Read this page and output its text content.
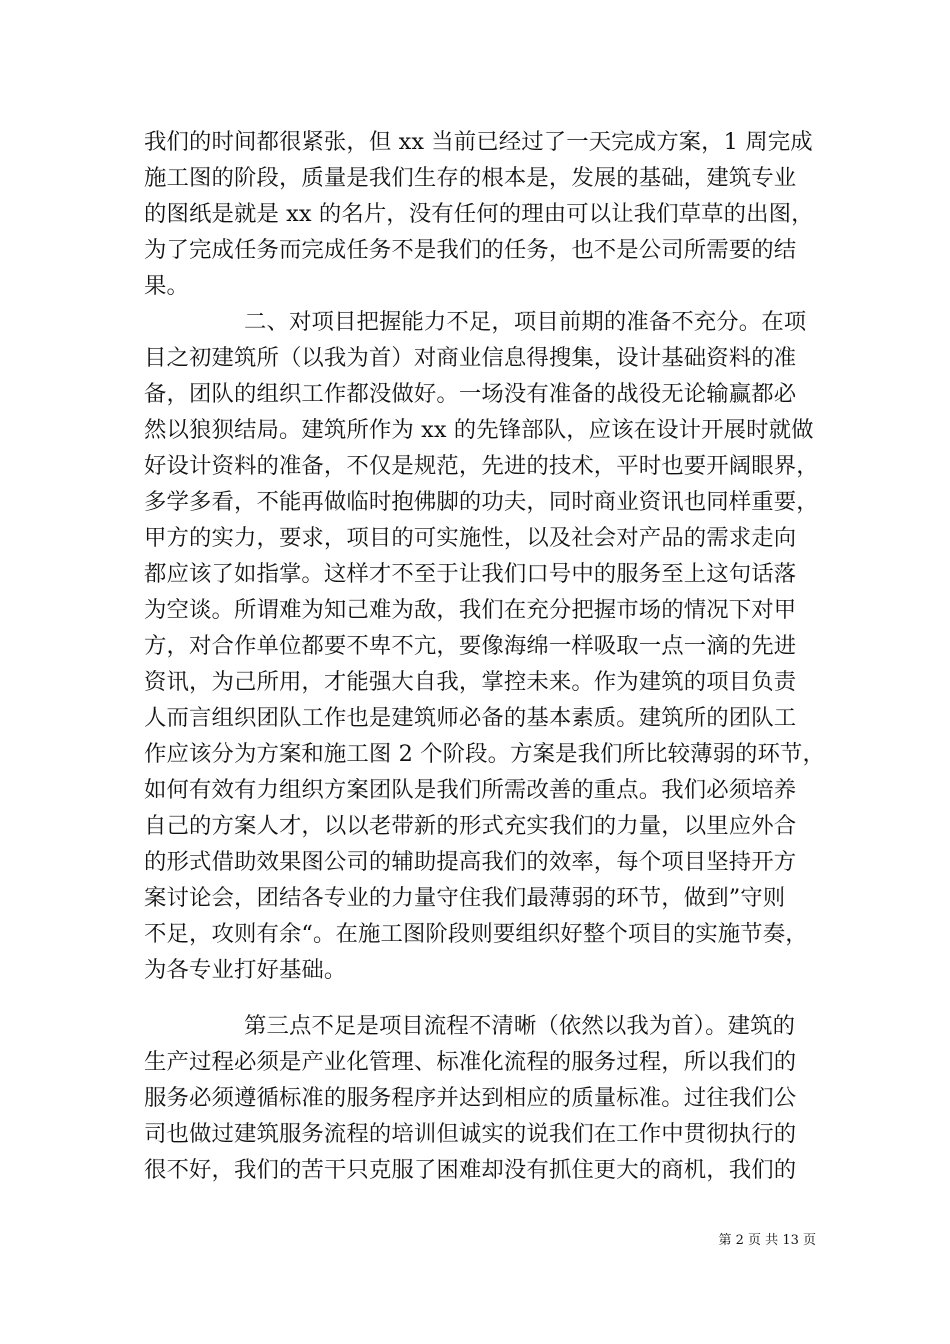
我们的时间都很紧张，但 xx 当前已经过了一天完成方案，1 周完成
施工图的阶段，质量是我们生存的根本是，发展的基础，建筑专业
的图纸是就是 xx 的名片，没有任何的理由可以让我们草草的出图，
为了完成任务而完成任务不是我们的任务，也不是公司所需要的结
果。
二、对项目把握能力不足，项目前期的准备不充分。在项
目之初建筑所（以我为首）对商业信息得搜集，设计基础资料的准
备，团队的组织工作都没做好。一场没有准备的战役无论输赢都必
然以狼狈结局。建筑所作为 xx 的先锋部队，应该在设计开展时就做
好设计资料的准备，不仅是规范，先进的技术，平时也要开阔眼界，
多学多看，不能再做临时抱佛脚的功夫，同时商业资讯也同样重要，
甲方的实力，要求，项目的可实施性，以及社会对产品的需求走向
都应该了如指掌。这样才不至于让我们口号中的服务至上这句话落
为空谈。所谓难为知己难为敌，我们在充分把握市场的情况下对甲
方，对合作单位都要不卑不亢，要像海绵一样吸取一点一滴的先进
资讯，为己所用，才能强大自我，掌控未来。作为建筑的项目负责
人而言组织团队工作也是建筑师必备的基本素质。建筑所的团队工
作应该分为方案和施工图 2 个阶段。方案是我们所比较薄弱的环节，
如何有效有力组织方案团队是我们所需改善的重点。我们必须培养
自己的方案人才，以以老带新的形式充实我们的力量，以里应外合
的形式借助效果图公司的辅助提高我们的效率，每个项目坚持开方
案讨论会，团结各专业的力量守住我们最薄弱的环节，做到”守则
不足，攻则有余“。在施工图阶段则要组织好整个项目的实施节奏，
为各专业打好基础。
第三点不足是项目流程不清晰（依然以我为首）。建筑的
生产过程必须是产业化管理、标准化流程的服务过程，所以我们的
服务必须遵循标准的服务程序并达到相应的质量标准。过往我们公
司也做过建筑服务流程的培训但诚实的说我们在工作中贯彻执行的
很不好，我们的苦干只克服了困难却没有抓住更大的商机，我们的
第 2 页 共 13 页
